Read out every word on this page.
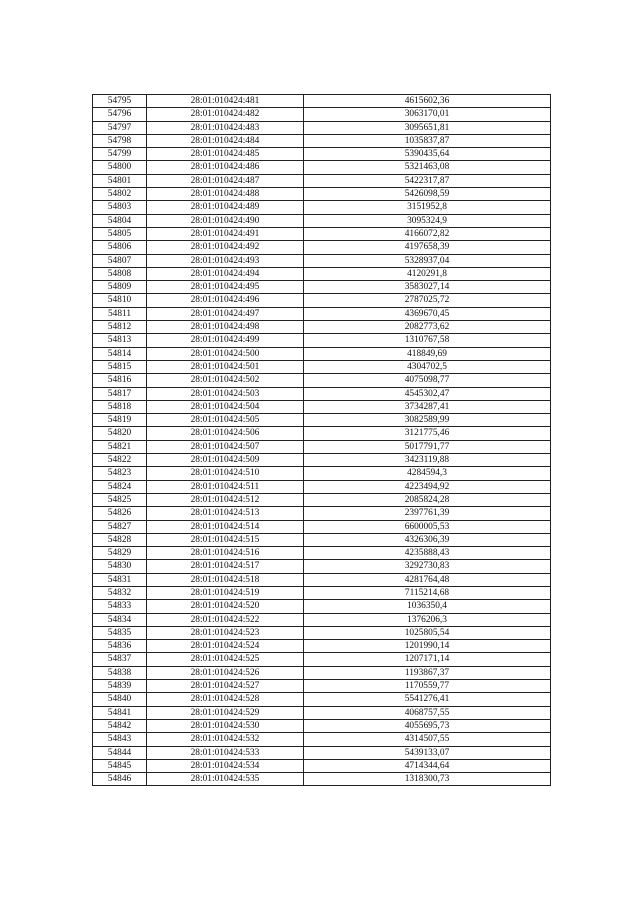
54795	28:01:010424:481	4615602,36
54796	28:01:010424:482	3063170,01
54797	28:01:010424:483	3095651,81
54798	28:01:010424:484	1035837,87
54799	28:01:010424:485	5390435,64
54800	28:01:010424:486	5321463,08
54801	28:01:010424:487	5422317,87
54802	28:01:010424:488	5426098,59
54803	28:01:010424:489	3151952,8
54804	28:01:010424:490	3095324,9
54805	28:01:010424:491	4166072,82
54806	28:01:010424:492	4197658,39
54807	28:01:010424:493	5328937,04
54808	28:01:010424:494	4120291,8
54809	28:01:010424:495	3583027,14
54810	28:01:010424:496	2787025,72
54811	28:01:010424:497	4369670,45
54812	28:01:010424:498	2082773,62
54813	28:01:010424:499	1310767,58
54814	28:01:010424:500	418849,69
54815	28:01:010424:501	4304702,5
54816	28:01:010424:502	4075098,77
54817	28:01:010424:503	4545302,47
54818	28:01:010424:504	3734287,41
54819	28:01:010424:505	3082589,99
54820	28:01:010424:506	3121775,46
54821	28:01:010424:507	5017791,77
54822	28:01:010424:509	3423119,88
54823	28:01:010424:510	4284594,3
54824	28:01:010424:511	4223494,92
54825	28:01:010424:512	2085824,28
54826	28:01:010424:513	2397761,39
54827	28:01:010424:514	6600005,53
54828	28:01:010424:515	4326306,39
54829	28:01:010424:516	4235888,43
54830	28:01:010424:517	3292730,83
54831	28:01:010424:518	4281764,48
54832	28:01:010424:519	7115214,68
54833	28:01:010424:520	1036350,4
54834	28:01:010424:522	1376206,3
54835	28:01:010424:523	1025805,54
54836	28:01:010424:524	1201990,14
54837	28:01:010424:525	1207171,14
54838	28:01:010424:526	1193867,37
54839	28:01:010424:527	1170559,77
54840	28:01:010424:528	5541276,41
54841	28:01:010424:529	4068757,55
54842	28:01:010424:530	4055695,73
54843	28:01:010424:532	4314507,55
54844	28:01:010424:533	5439133,07
54845	28:01:010424:534	4714344,64
54846	28:01:010424:535	1318300,73
